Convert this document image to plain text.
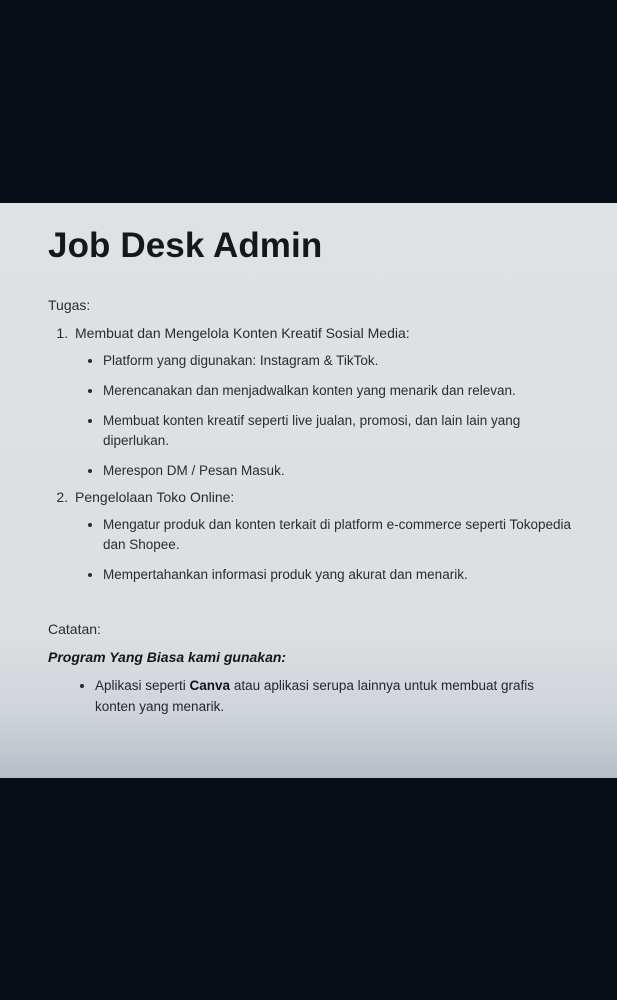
Job Desk Admin

Tugas:

1. Membuat dan Mengelola Konten Kreatif Sosial Media:
• Platform yang digunakan: Instagram & TikTok.
• Merencanakan dan menjadwalkan konten yang menarik dan relevan.
• Membuat konten kreatif seperti live jualan, promosi, dan lain lain yang diperlukan.
• Merespon DM / Pesan Masuk.
2. Pengelolaan Toko Online:
• Mengatur produk dan konten terkait di platform e-commerce seperti Tokopedia dan Shopee.
• Mempertahankan informasi produk yang akurat dan menarik.

Catatan:

Program Yang Biasa kami gunakan:

• Aplikasi seperti Canva atau aplikasi serupa lainnya untuk membuat grafis konten yang menarik.
